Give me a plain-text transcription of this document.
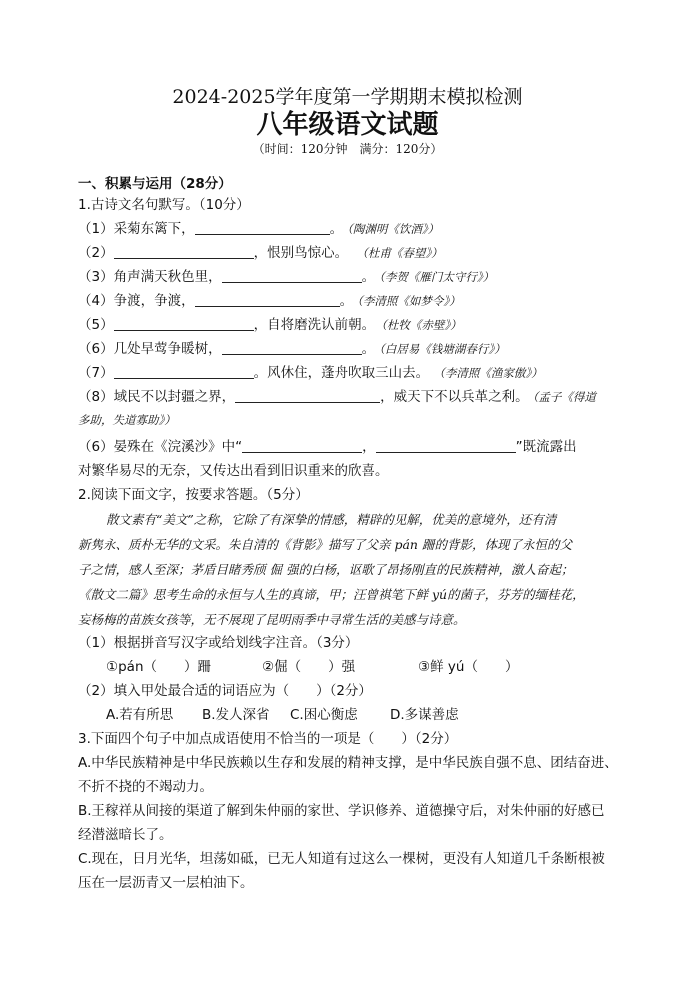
2024-2025学年度第一学期期末模拟检测
八年级语文试题
（时间：120分钟　满分：120分）
一、积累与运用（28分）
1.古诗文名句默写。（10分）
（1）采菊东篱下，	。 （陶渊明《饮酒》）
（2）	，恨别鸟惊心。 （杜甫《春望》）
（3）角声满天秋色里，	。 （李贺《雁门太守行》）
（4）争渡，争渡，	。 （李清照《如梦令》）
（5）	，自将磨洗认前朝。 （杜牧《赤壁》）
（6）几处早莺争暖树，	。 （白居易《钱塘湖春行》）
（7）	。风休住，蓬舟吹取三山去。 （李清照《渔家傲》）
（8）域民不以封疆之界，	，威天下不以兵革之利。 （孟子《得道
多助，失道寡助》）
（6）晏殊在《浣溪沙》中“	，	”既流露出
对繁华易尽的无奈，又传达出看到旧识重来的欣喜。
2.阅读下面文字，按要求答题。（5分）
散文素有“美文”之称，它除了有深挚的情感，精辟的见解，优美的意境外，还有清
新隽永、质朴无华的文采。朱自清的《背影》描写了父亲 pán 跚的背影，体现了永恒的父
子之情，感人至深；茅盾目睹秀颀 倔 强的白杨，讴歌了昂扬刚直的民族精神，激人奋起；
《散文二篇》思考生命的永恒与人生的真谛，甲；汪曾祺笔下鲜 yú的菌子，芬芳的缅桂花，
妄杨梅的苗族女孩等，无不展现了昆明雨季中寻常生活的美感与诗意。
（1）根据拼音写汉字或给划线字注音。（3分）
①pán（　　）跚	②倔（　　）强	③鲜 yú（　　）
（2）填入甲处最合适的词语应为（　　）（2分）
A.若有所思 B.发人深省 C.困心衡虑 D.多谋善虑
3.下面四个句子中加点成语使用不恰当的一项是（　　）（2分）
A.中华民族精神是中华民族赖以生存和发展的精神支撑，是中华民族自强不息、团结奋进、
不折不挠的不竭动力。
B.王稼祥从间接的渠道了解到朱仲丽的家世、学识修养、道德操守后，对朱仲丽的好感已
经潜滋暗长了。
C.现在，日月光华，坦荡如砥，已无人知道有过这么一棵树，更没有人知道几千条断根被
压在一层沥青又一层柏油下。
